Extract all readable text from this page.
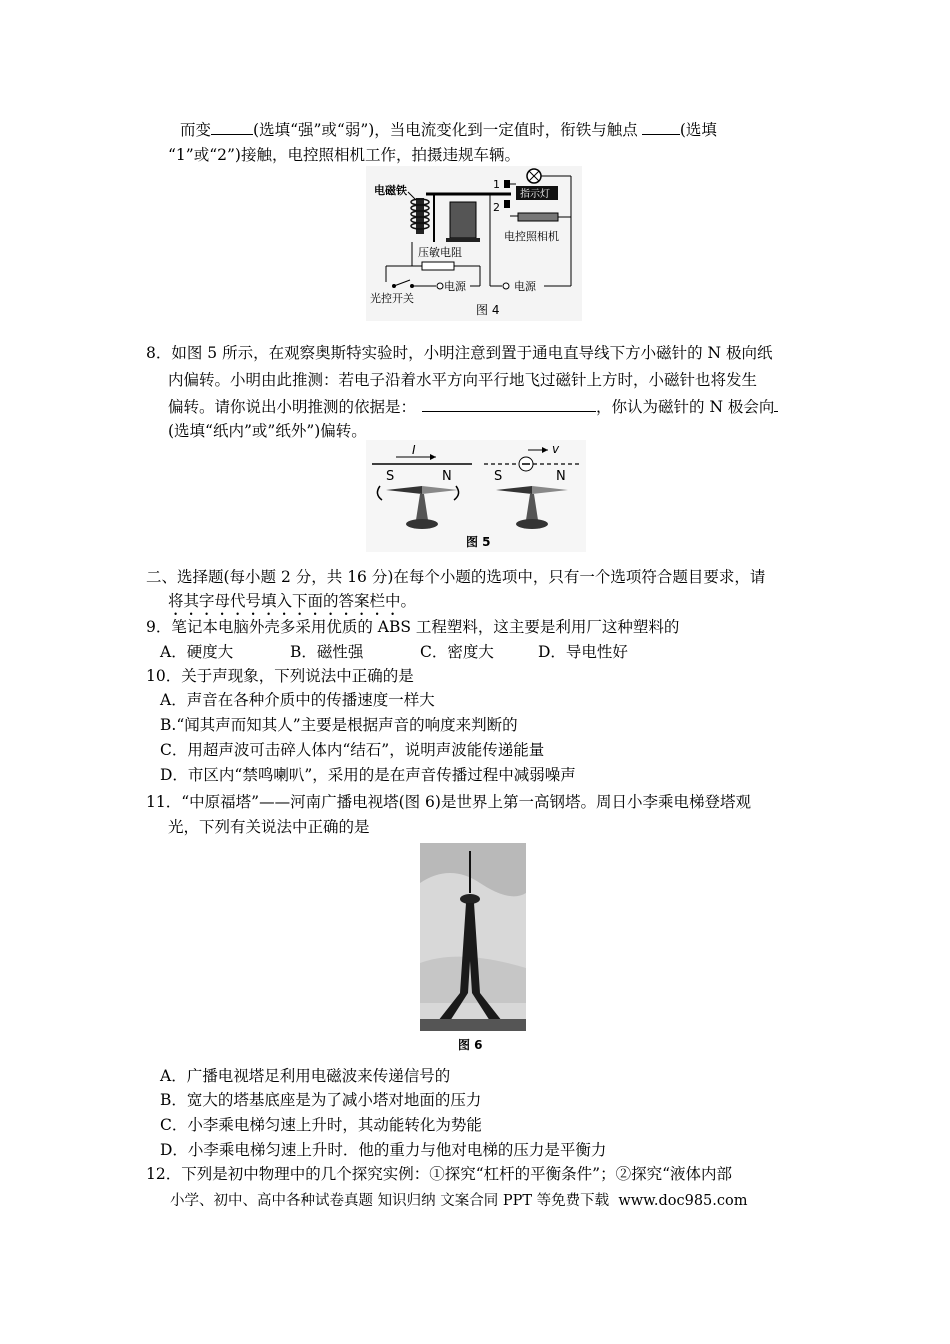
而变	(选填“强”或“弱”)，当电流变化到一定值时，衔铁与触点	(选填
“1”或“2”)接触，电控照相机工作，拍摄违规车辆。
1
2
指示灯
电控照相机
电磁铁
压敏电阻
电源
光控开关
电源
图 4
8．如图 5 所示，在观察奥斯特实验时，小明注意到置于通电直导线下方小磁针的 N 极向纸
内偏转。小明由此推测：若电子沿着水平方向平行地飞过磁针上方时，小磁针也将发生
偏转。请你说出小明推测的依据是：	，你认为磁针的 N 极会向
(选填“纸内”或”纸外”)偏转。
I
S	N
v
S	N
图 5
二、选择题(每小题 2 分，共 16 分)在每个小题的选项中，只有一个选项符合题目要求，请
将其字母代号填入下面的答案栏中。
9．笔记本电脑外壳多采用优质的 ABS 工程塑料，这主要是利用厂这种塑料的
A．硬度大	B．磁性强	C．密度大	D．导电性好
10．关于声现象，下列说法中正确的是
A．声音在各种介质中的传播速度一样大
B.“闻其声而知其人”主要是根据声音的响度来判断的
C．用超声波可击碎人体内“结石”，说明声波能传递能量
D．市区内“禁鸣喇叭”，采用的是在声音传播过程中减弱噪声
11．“中原福塔”——河南广播电视塔(图 6)是世界上第一高钢塔。周日小李乘电梯登塔观
光，下列有关说法中正确的是
图 6
A．广播电视塔足利用电磁波来传递信号的
B．宽大的塔基底座是为了减小塔对地面的压力
C．小李乘电梯匀速上升时，其动能转化为势能
D．小李乘电梯匀速上升时．他的重力与他对电梯的压力是平衡力
12．下列是初中物理中的几个探究实例：①探究“杠杆的平衡条件”；②探究“液体内部
小学、初中、高中各种试卷真题 知识归纳 文案合同 PPT 等免费下载 www.doc985.com
